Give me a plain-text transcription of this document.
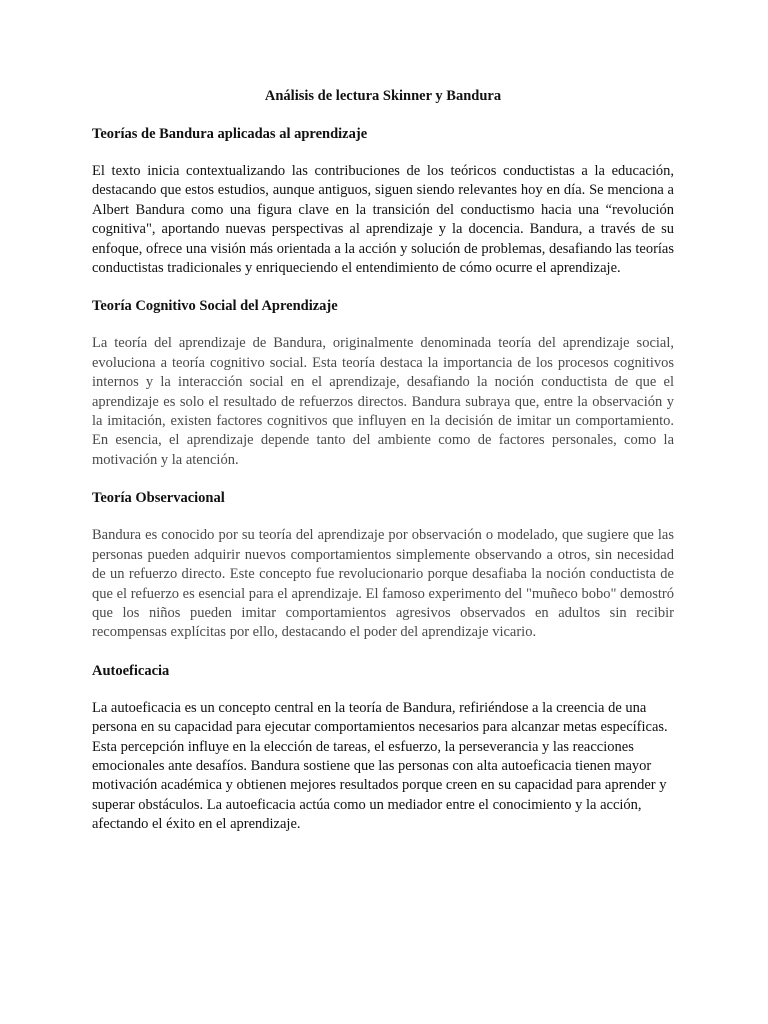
Análisis de lectura Skinner y Bandura
Teorías de Bandura aplicadas al aprendizaje

El texto inicia contextualizando las contribuciones de los teóricos conductistas a la educación, destacando que estos estudios, aunque antiguos, siguen siendo relevantes hoy en día. Se menciona a Albert Bandura como una figura clave en la transición del conductismo hacia una “revolución cognitiva", aportando nuevas perspectivas al aprendizaje y la docencia. Bandura, a través de su enfoque, ofrece una visión más orientada a la acción y solución de problemas, desafiando las teorías conductistas tradicionales y enriqueciendo el entendimiento de cómo ocurre el aprendizaje.

Teoría Cognitivo Social del Aprendizaje

La teoría del aprendizaje de Bandura, originalmente denominada teoría del aprendizaje social, evoluciona a teoría cognitivo social. Esta teoría destaca la importancia de los procesos cognitivos internos y la interacción social en el aprendizaje, desafiando la noción conductista de que el aprendizaje es solo el resultado de refuerzos directos. Bandura subraya que, entre la observación y la imitación, existen factores cognitivos que influyen en la decisión de imitar un comportamiento. En esencia, el aprendizaje depende tanto del ambiente como de factores personales, como la motivación y la atención.

Teoría Observacional

Bandura es conocido por su teoría del aprendizaje por observación o modelado, que sugiere que las personas pueden adquirir nuevos comportamientos simplemente observando a otros, sin necesidad de un refuerzo directo. Este concepto fue revolucionario porque desafiaba la noción conductista de que el refuerzo es esencial para el aprendizaje. El famoso experimento del "muñeco bobo" demostró que los niños pueden imitar comportamientos agresivos observados en adultos sin recibir recompensas explícitas por ello, destacando el poder del aprendizaje vicario.

Autoeficacia

La autoeficacia es un concepto central en la teoría de Bandura, refiriéndose a la creencia de una persona en su capacidad para ejecutar comportamientos necesarios para alcanzar metas específicas. Esta percepción influye en la elección de tareas, el esfuerzo, la perseverancia y las reacciones emocionales ante desafíos. Bandura sostiene que las personas con alta autoeficacia tienen mayor motivación académica y obtienen mejores resultados porque creen en su capacidad para aprender y superar obstáculos. La autoeficacia actúa como un mediador entre el conocimiento y la acción, afectando el éxito en el aprendizaje.
